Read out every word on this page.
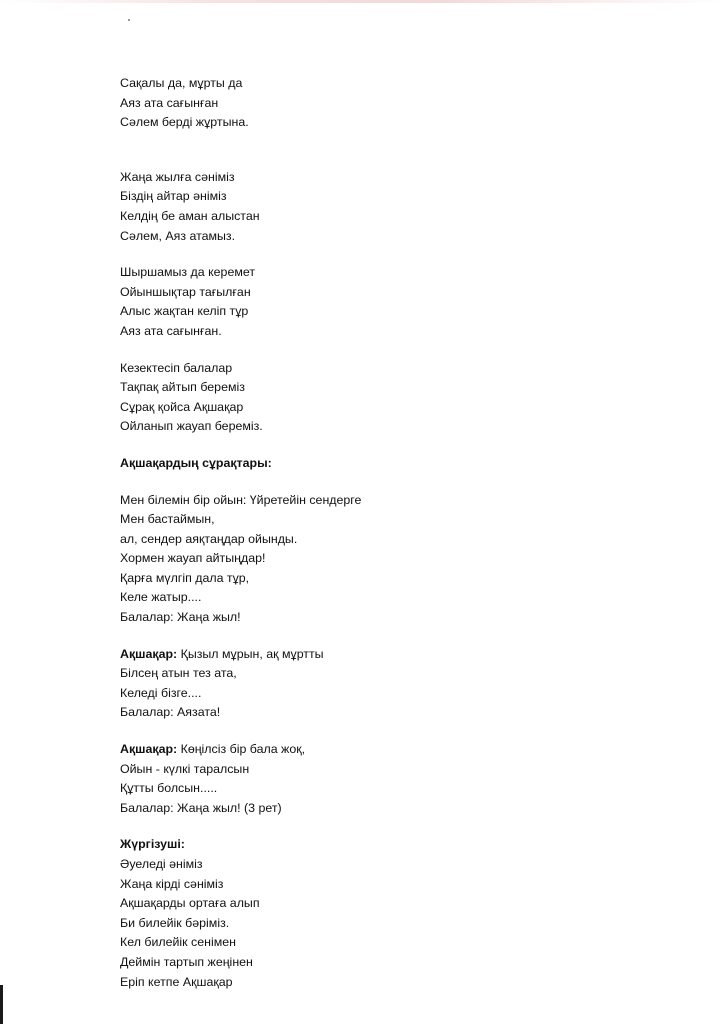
Сақалы да, мұрты да
Аяз ата сағынған
Сәлем берді жұртына.
Жаңа жылға сәніміз
Біздің айтар әніміз
Келдің бе аман алыстан
Сәлем, Аяз атамыз.
Шыршамыз да керемет
Ойыншықтар тағылған
Алыс жақтан келіп тұр
Аяз ата сағынған.
Кезектесіп балалар
Тақпақ айтып береміз
Сұрақ қойса Ақшақар
Ойланып жауап береміз.
Ақшақардың сұрақтары:
Мен білемін бір ойын: Үйретейін сендерге
Мен бастаймын,
ал, сендер аяқтаңдар ойынды.
Хормен жауап айтыңдар!
Қарға мүлгіп дала тұр,
Келе жатыр....
Балалар: Жаңа жыл!
Ақшақар: Қызыл мұрын, ақ мұртты
Білсең атын тез ата,
Келеді бізге....
Балалар: Аязата!
Ақшақар: Көңілсіз бір бала жоқ,
Ойын - күлкі таралсын
Құтты болсын.....
Балалар: Жаңа жыл! (3 рет)
Жүргізуші:
Әуеледі әніміз
Жаңа кірді сәніміз
Ақшақарды ортаға алып
Би билейік бәріміз.
Кел билейік сенімен
Деймін тартып жеңінен
Еріп кетпе Ақшақар
